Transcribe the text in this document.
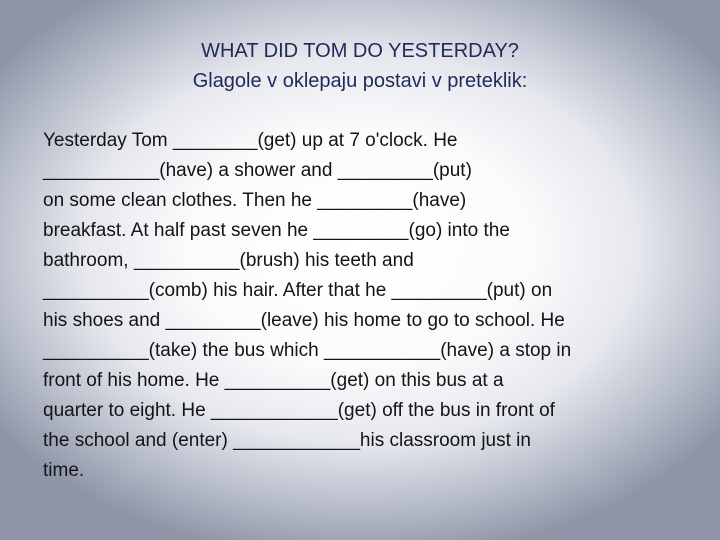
WHAT DID TOM DO YESTERDAY?
Glagole v oklepaju postavi v preteklik:
Yesterday Tom ________(get) up at 7 o'clock. He
___________(have) a shower and _________(put)
on some clean clothes. Then he _________(have)
breakfast. At half past seven he _________(go) into the
bathroom, __________(brush) his teeth and
__________(comb) his hair. After that he _________(put) on
his shoes and _________(leave) his home to go to school. He
__________(take) the bus which ___________(have) a stop in
front of his home. He __________(get) on this bus at a
quarter to eight. He ____________(get) off the bus in front of
the school and (enter) ____________his classroom just in
time.
